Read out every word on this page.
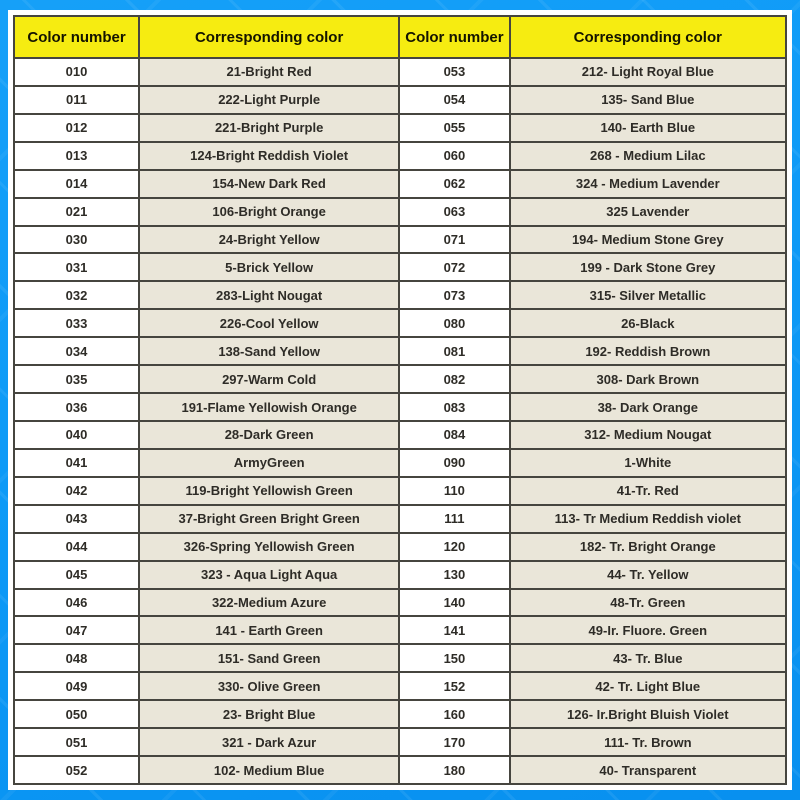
Color number	Corresponding color	Color number	Corresponding color
010	21-Bright Red	053	212- Light Royal Blue
011	222-Light Purple	054	135- Sand Blue
012	221-Bright Purple	055	140- Earth Blue
013	124-Bright Reddish Violet	060	268 - Medium Lilac
014	154-New Dark Red	062	324 - Medium Lavender
021	106-Bright Orange	063	325 Lavender
030	24-Bright Yellow	071	194- Medium Stone Grey
031	5-Brick Yellow	072	199 - Dark Stone Grey
032	283-Light Nougat	073	315- Silver Metallic
033	226-Cool Yellow	080	26-Black
034	138-Sand Yellow	081	192- Reddish Brown
035	297-Warm Cold	082	308- Dark Brown
036	191-Flame Yellowish Orange	083	38- Dark Orange
040	28-Dark Green	084	312- Medium Nougat
041	ArmyGreen	090	1-White
042	119-Bright Yellowish Green	110	41-Tr. Red
043	37-Bright Green Bright Green	111	113- Tr Medium Reddish violet
044	326-Spring Yellowish Green	120	182- Tr. Bright Orange
045	323 - Aqua Light Aqua	130	44- Tr. Yellow
046	322-Medium Azure	140	48-Tr. Green
047	141 - Earth Green	141	49-Ir. Fluore. Green
048	151- Sand Green	150	43- Tr. Blue
049	330- Olive Green	152	42- Tr. Light Blue
050	23- Bright Blue	160	126- Ir.Bright Bluish Violet
051	321 - Dark Azur	170	111- Tr. Brown
052	102- Medium Blue	180	40- Transparent
